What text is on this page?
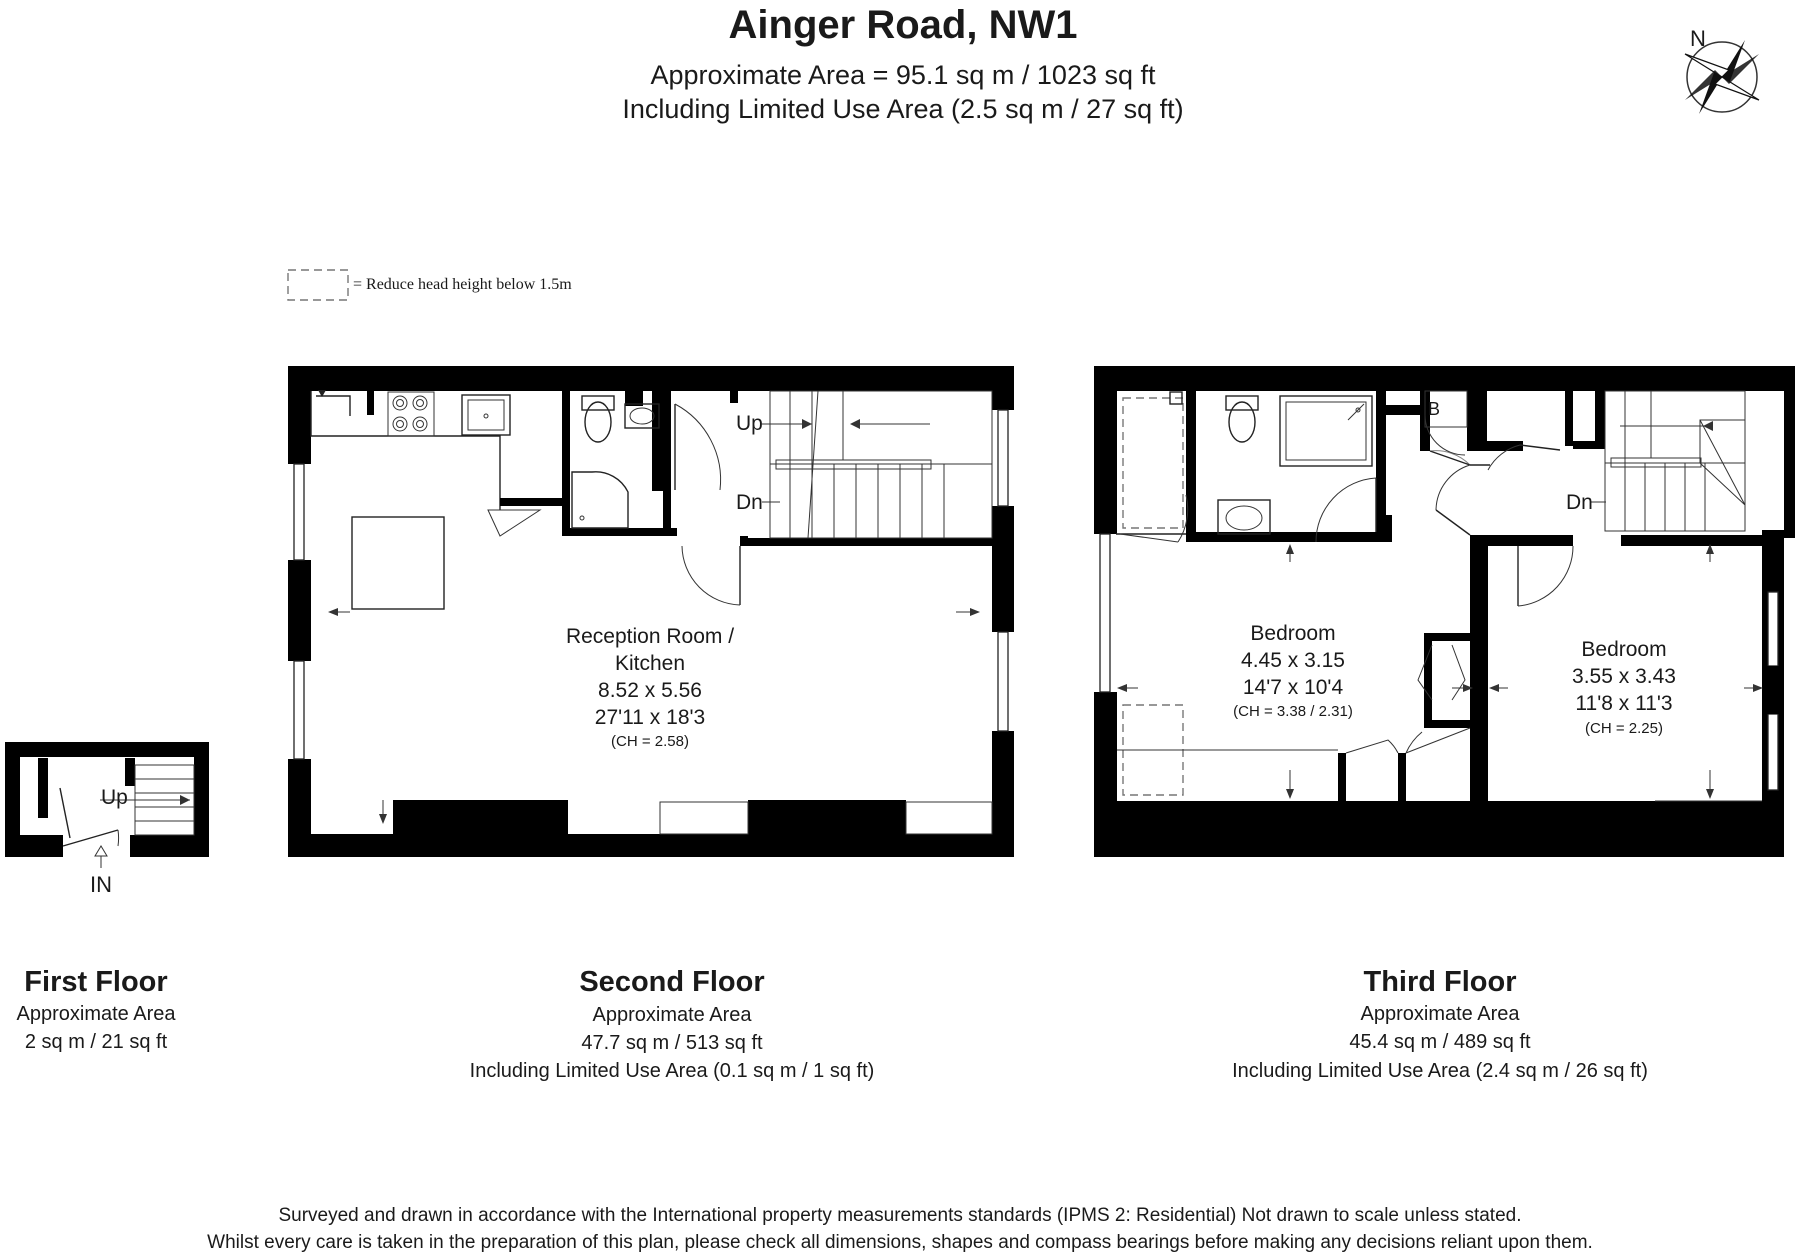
Ainger Road, NW1
Approximate Area = 95.1 sq m / 1023 sq ft
Including Limited Use Area (2.5 sq m / 27 sq ft)
N
= Reduce head height below 1.5m
Up
IN
Up
Dn
Reception Room /
Kitchen
8.52 x 5.56
27'11 x 18'3
(CH = 2.58)
B
Dn
Bedroom
4.45 x 3.15
14'7 x 10'4
(CH = 3.38 / 2.31)
Bedroom
3.55 x 3.43
11'8 x 11'3
(CH = 2.25)
First Floor
Approximate Area
2 sq m / 21 sq ft
Second Floor
Approximate Area
47.7 sq m / 513 sq ft
Including Limited Use Area (0.1 sq m / 1 sq ft)
Third Floor
Approximate Area
45.4 sq m / 489 sq ft
Including Limited Use Area (2.4 sq m / 26 sq ft)
Surveyed and drawn in accordance with the International property measurements standards (IPMS 2: Residential) Not drawn to scale unless stated.
Whilst every care is taken in the preparation of this plan, please check all dimensions, shapes and compass bearings before making any decisions reliant upon them.
